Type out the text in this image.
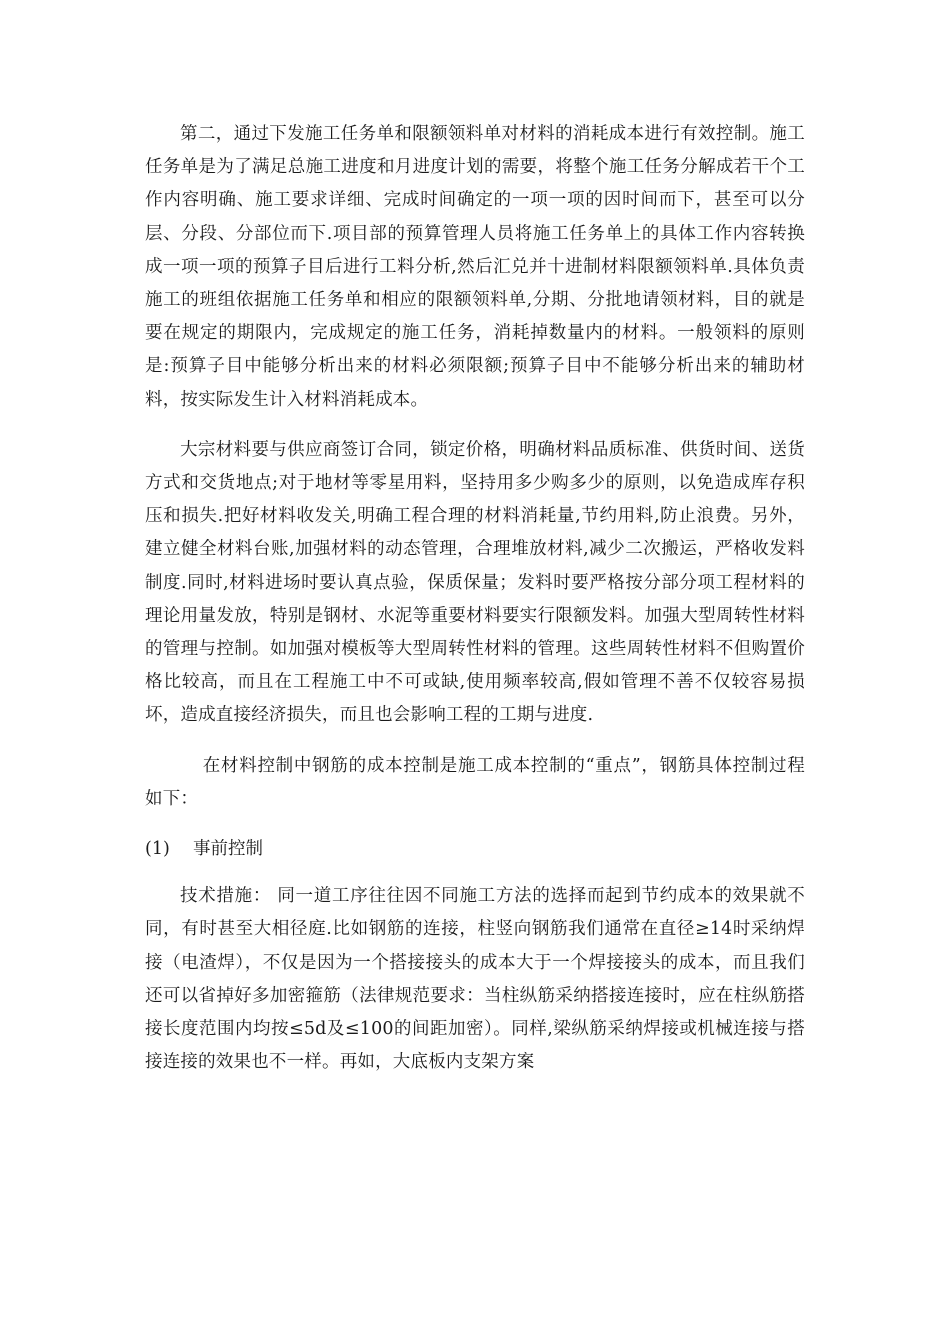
第二，通过下发施工任务单和限额领料单对材料的消耗成本进行有效控制。施工任务单是为了满足总施工进度和月进度计划的需要，将整个施工任务分解成若干个工作内容明确、施工要求详细、完成时间确定的一项一项的因时间而下，甚至可以分层、分段、分部位而下.项目部的预算管理人员将施工任务单上的具体工作内容转换成一项一项的预算子目后进行工料分析,然后汇兑并十进制材料限额领料单.具体负责施工的班组依据施工任务单和相应的限额领料单,分期、分批地请领材料，目的就是要在规定的期限内，完成规定的施工任务，消耗掉数量内的材料。一般领料的原则是:预算子目中能够分析出来的材料必须限额;预算子目中不能够分析出来的辅助材料，按实际发生计入材料消耗成本。

大宗材料要与供应商签订合同，锁定价格，明确材料品质标准、供货时间、送货方式和交货地点;对于地材等零星用料，坚持用多少购多少的原则，以免造成库存积压和损失.把好材料收发关,明确工程合理的材料消耗量,节约用料,防止浪费。另外，建立健全材料台账,加强材料的动态管理，合理堆放材料,减少二次搬运，严格收发料制度.同时,材料进场时要认真点验，保质保量；发料时要严格按分部分项工程材料的理论用量发放，特别是钢材、水泥等重要材料要实行限额发料。加强大型周转性材料的管理与控制。如加强对模板等大型周转性材料的管理。这些周转性材料不但购置价格比较高，而且在工程施工中不可或缺,使用频率较高,假如管理不善不仅较容易损坏，造成直接经济损失，而且也会影响工程的工期与进度.

在材料控制中钢筋的成本控制是施工成本控制的“重点”，钢筋具体控制过程如下：

(1) 事前控制

技术措施： 同一道工序往往因不同施工方法的选择而起到节约成本的效果就不同，有时甚至大相径庭.比如钢筋的连接，柱竖向钢筋我们通常在直径≥14时采纳焊接（电渣焊），不仅是因为一个搭接接头的成本大于一个焊接接头的成本，而且我们还可以省掉好多加密箍筋（法律规范要求：当柱纵筋采纳搭接连接时，应在柱纵筋搭接长度范围内均按≤5d及≤100的间距加密）。同样,梁纵筋采纳焊接或机械连接与搭接连接的效果也不一样。再如，大底板内支架方案
